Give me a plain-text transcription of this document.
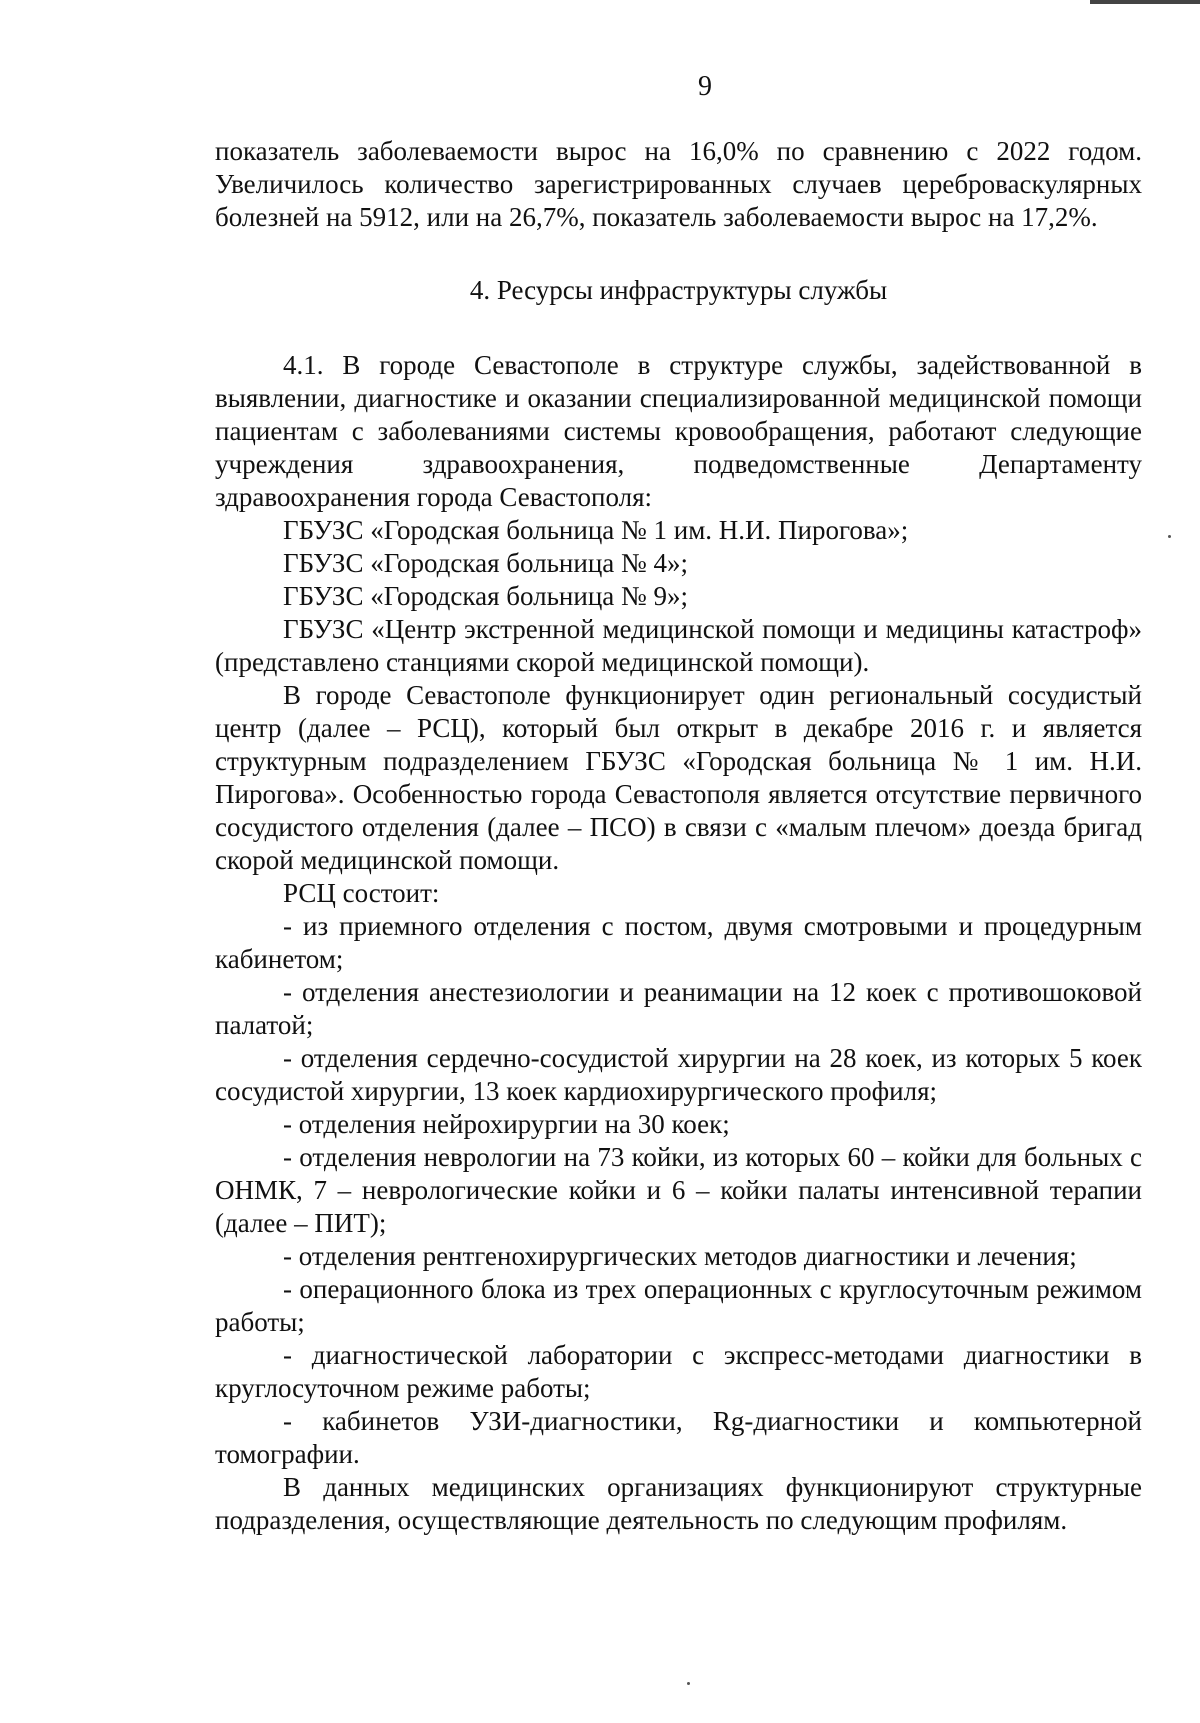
9

показатель заболеваемости вырос на 16,0% по сравнению с 2022 годом. Увеличилось количество зарегистрированных случаев цереброваскулярных болезней на 5912, или на 26,7%, показатель заболеваемости вырос на 17,2%.

4. Ресурсы инфраструктуры службы

4.1. В городе Севастополе в структуре службы, задействованной в выявлении, диагностике и оказании специализированной медицинской помощи пациентам с заболеваниями системы кровообращения, работают следующие учреждения здравоохранения, подведомственные Департаменту здравоохранения города Севастополя:

ГБУЗС «Городская больница № 1 им. Н.И. Пирогова»;

ГБУЗС «Городская больница № 4»;

ГБУЗС «Городская больница № 9»;

ГБУЗС «Центр экстренной медицинской помощи и медицины катастроф» (представлено станциями скорой медицинской помощи).

В городе Севастополе функционирует один региональный сосудистый центр (далее – РСЦ), который был открыт в декабре 2016 г. и является структурным подразделением ГБУЗС «Городская больница № 1 им. Н.И. Пирогова». Особенностью города Севастополя является отсутствие первичного сосудистого отделения (далее – ПСО) в связи с «малым плечом» доезда бригад скорой медицинской помощи.

РСЦ состоит:

- из приемного отделения с постом, двумя смотровыми и процедурным кабинетом;

- отделения анестезиологии и реанимации на 12 коек с противошоковой палатой;

- отделения сердечно-сосудистой хирургии на 28 коек, из которых 5 коек сосудистой хирургии, 13 коек кардиохирургического профиля;

- отделения нейрохирургии на 30 коек;

- отделения неврологии на 73 койки, из которых 60 – койки для больных с ОНМК, 7 – неврологические койки и 6 – койки палаты интенсивной терапии (далее – ПИТ);

- отделения рентгенохирургических методов диагностики и лечения;

- операционного блока из трех операционных с круглосуточным режимом работы;

- диагностической лаборатории с экспресс-методами диагностики в круглосуточном режиме работы;

- кабинетов УЗИ-диагностики, Rg-диагностики и компьютерной томографии.

В данных медицинских организациях функционируют структурные подразделения, осуществляющие деятельность по следующим профилям.
